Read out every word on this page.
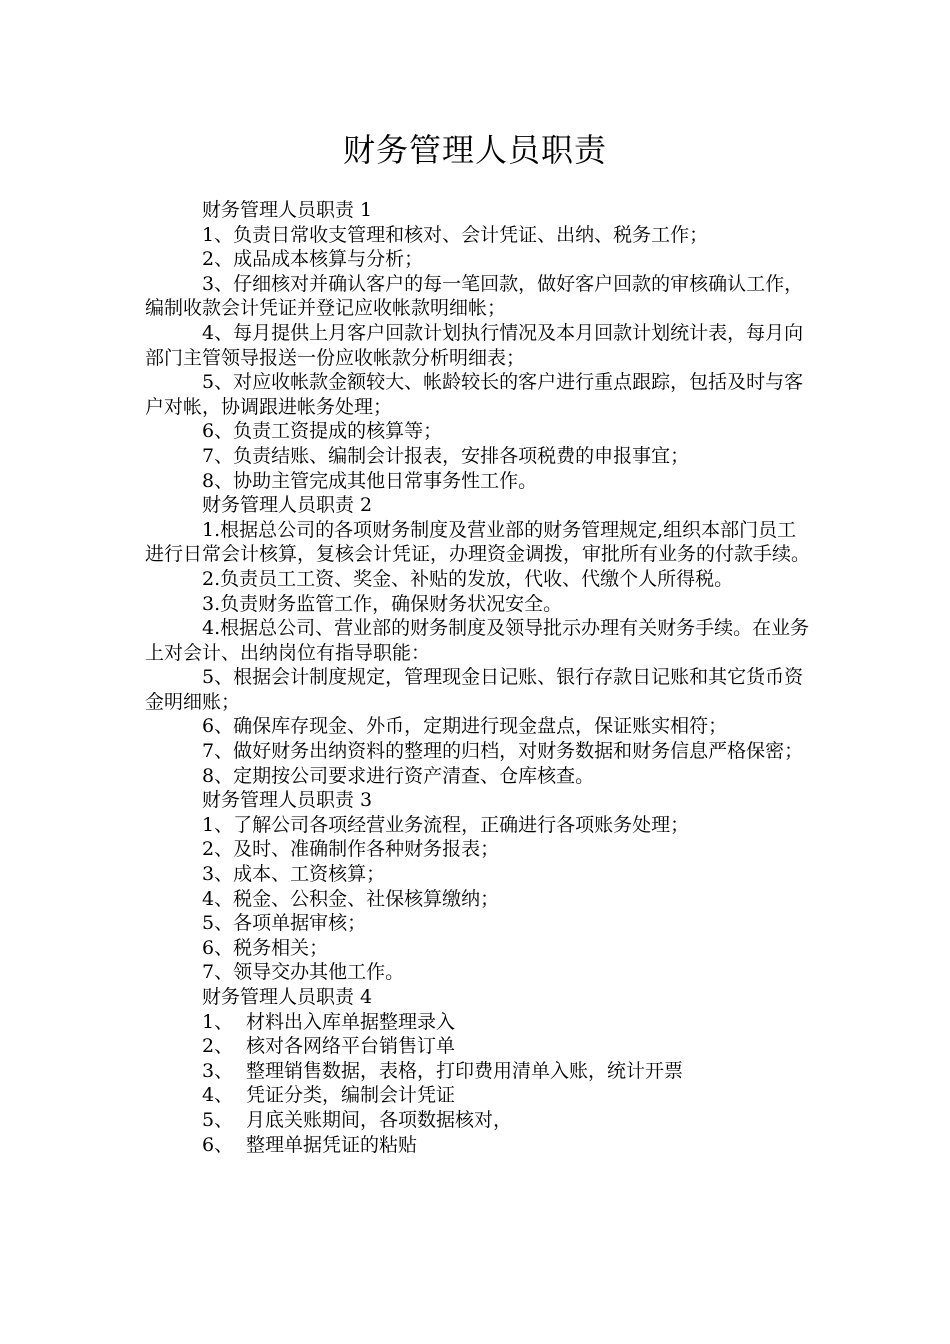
财务管理人员职责

财务管理人员职责 1

1、负责日常收支管理和核对、会计凭证、出纳、税务工作；

2、成品成本核算与分析；

3、仔细核对并确认客户的每一笔回款，做好客户回款的审核确认工作，编制收款会计凭证并登记应收帐款明细帐；

4、每月提供上月客户回款计划执行情况及本月回款计划统计表，每月向部门主管领导报送一份应收帐款分析明细表；

5、对应收帐款金额较大、帐龄较长的客户进行重点跟踪，包括及时与客户对帐，协调跟进帐务处理；

6、负责工资提成的核算等；

7、负责结账、编制会计报表，安排各项税费的申报事宜；

8、协助主管完成其他日常事务性工作。

财务管理人员职责 2

1.根据总公司的各项财务制度及营业部的财务管理规定,组织本部门员工进行日常会计核算，复核会计凭证，办理资金调拨，审批所有业务的付款手续。

2.负责员工工资、奖金、补贴的发放，代收、代缴个人所得税。

3.负责财务监管工作，确保财务状况安全。

4.根据总公司、营业部的财务制度及领导批示办理有关财务手续。在业务上对会计、出纳岗位有指导职能：

5、根据会计制度规定，管理现金日记账、银行存款日记账和其它货币资金明细账；

6、确保库存现金、外币，定期进行现金盘点，保证账实相符；

7、做好财务出纳资料的整理的归档，对财务数据和财务信息严格保密；

8、定期按公司要求进行资产清查、仓库核查。

财务管理人员职责 3

1、了解公司各项经营业务流程，正确进行各项账务处理；

2、及时、准确制作各种财务报表；

3、成本、工资核算；

4、税金、公积金、社保核算缴纳；

5、各项单据审核；

6、税务相关；

7、领导交办其他工作。

财务管理人员职责 4

1、 材料出入库单据整理录入
2、 核对各网络平台销售订单
3、 整理销售数据，表格，打印费用清单入账，统计开票
4、 凭证分类，编制会计凭证
5、 月底关账期间，各项数据核对，
6、 整理单据凭证的粘贴
